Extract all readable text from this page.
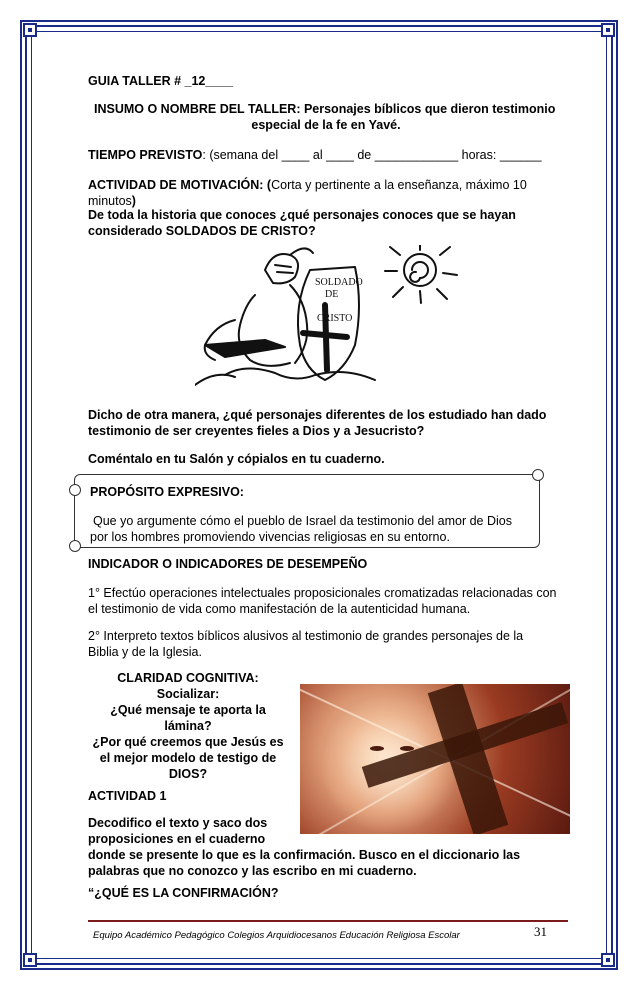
GUIA TALLER # _12____
INSUMO O NOMBRE DEL TALLER: Personajes bíblicos que dieron testimonio
especial de la fe en Yavé.
TIEMPO PREVISTO: (semana del ____ al ____ de ____________ horas: ______
ACTIVIDAD DE MOTIVACIÓN: (Corta y pertinente a la enseñanza, máximo 10
minutos)
De toda la historia que conoces ¿qué personajes conoces que se hayan
considerado SOLDADOS DE CRISTO?
SOLDADO
DE
CRISTO
Dicho de otra manera, ¿qué personajes diferentes de los estudiado han dado
testimonio de ser creyentes fieles a Dios y a Jesucristo?
Coméntalo en tu Salón y cópialos en tu cuaderno.
PROPÓSITO EXPRESIVO:
Que yo argumente cómo el pueblo de Israel da testimonio del amor de Dios
por los hombres promoviendo vivencias religiosas en su entorno.
INDICADOR O INDICADORES DE DESEMPEÑO
1° Efectúo operaciones intelectuales proposicionales cromatizadas relacionadas con
el testimonio de vida como manifestación de la autenticidad humana.
2° Interpreto textos bíblicos alusivos al testimonio de grandes personajes de la
Biblia y de la Iglesia.
CLARIDAD COGNITIVA:
Socializar:
¿Qué mensaje te aporta la
lámina?
¿Por qué creemos que Jesús es
el mejor modelo de testigo de
DIOS?
ACTIVIDAD 1
Decodifico el texto y saco dos
proposiciones en el cuaderno
donde se presente lo que es la confirmación. Busco en el diccionario las
palabras que no conozco y las escribo en mi cuaderno.
“¿QUÉ ES LA CONFIRMACIÓN?
Equipo Académico Pedagógico Colegios Arquidiocesanos Educación Religiosa Escolar	31
